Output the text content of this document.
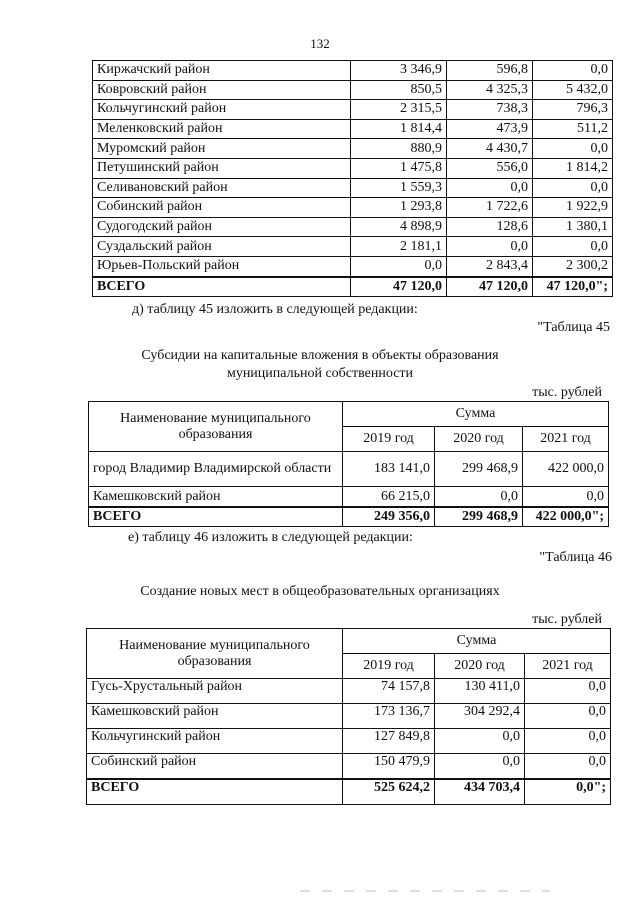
132
Киржачский район	3 346,9	596,8	0,0
Ковровский район	850,5	4 325,3	5 432,0
Кольчугинский район	2 315,5	738,3	796,3
Меленковский район	1 814,4	473,9	511,2
Муромский район	880,9	4 430,7	0,0
Петушинский район	1 475,8	556,0	1 814,2
Селивановский район	1 559,3	0,0	0,0
Собинский район	1 293,8	1 722,6	1 922,9
Судогодский район	4 898,9	128,6	1 380,1
Суздальский район	2 181,1	0,0	0,0
Юрьев-Польский район	0,0	2 843,4	2 300,2
ВСЕГО	47 120,0	47 120,0	47 120,0";
д) таблицу 45 изложить в следующей редакции:
"Таблица 45
Субсидии на капитальные вложения в объекты образования
муниципальной собственности
тыс. рублей
Наименование муниципального образования	Сумма		
	2019 год	2020 год	2021 год
город Владимир Владимирской области	183 141,0	299 468,9	422 000,0
Камешковский район	66 215,0	0,0	0,0
ВСЕГО	249 356,0	299 468,9	422 000,0";
е) таблицу 46 изложить в следующей редакции:
"Таблица 46
Создание новых мест в общеобразовательных организациях
тыс. рублей
Наименование муниципального образования	Сумма		
	2019 год	2020 год	2021 год
Гусь-Хрустальный район	74 157,8	130 411,0	0,0
Камешковский район	173 136,7	304 292,4	0,0
Кольчугинский район	127 849,8	0,0	0,0
Собинский район	150 479,9	0,0	0,0
ВСЕГО	525 624,2	434 703,4	0,0";
